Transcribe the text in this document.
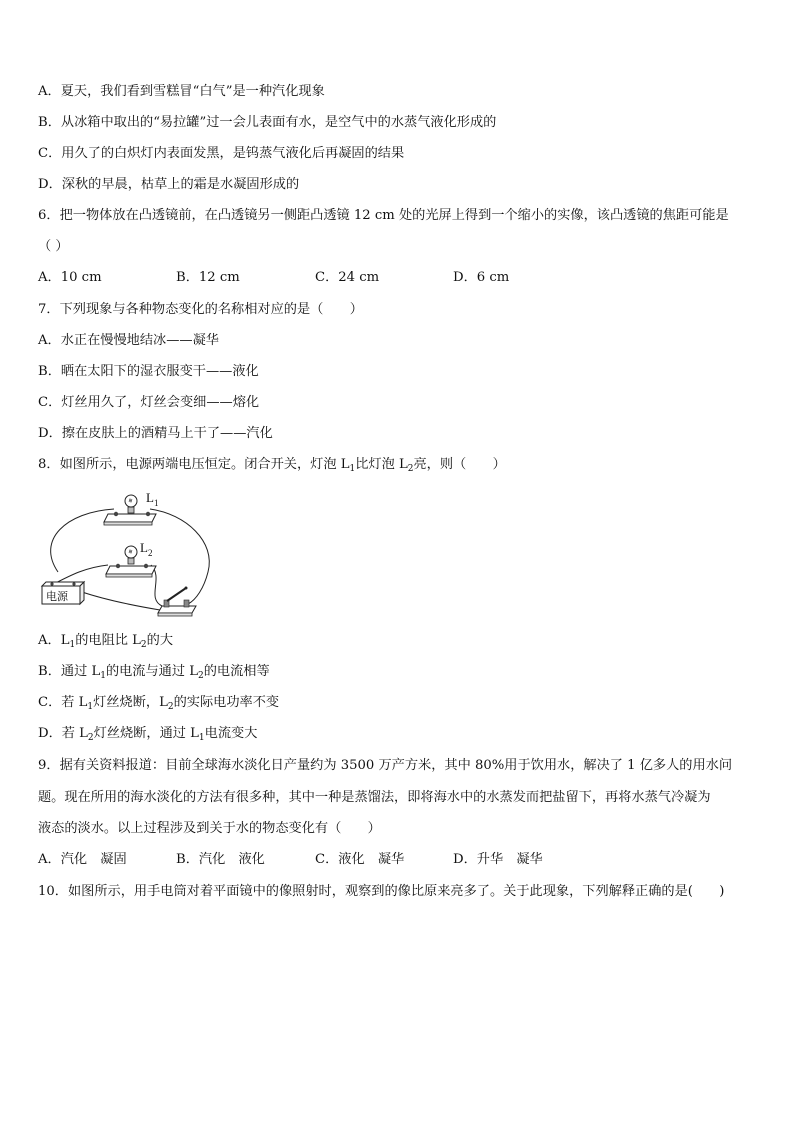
A．夏天，我们看到雪糕冒“白气”是一种汽化现象
B．从冰箱中取出的“易拉罐”过一会儿表面有水，是空气中的水蒸气液化形成的
C．用久了的白炽灯内表面发黑，是钨蒸气液化后再凝固的结果
D．深秋的早晨，枯草上的霜是水凝固形成的
6．把一物体放在凸透镜前，在凸透镜另一侧距凸透镜 12 cm 处的光屏上得到一个缩小的实像，该凸透镜的焦距可能是
（ ）
A．10 cm	B．12 cm	C．24 cm	D．6 cm
7．下列现象与各种物态变化的名称相对应的是（　　）
A．水正在慢慢地结冰——凝华
B．晒在太阳下的湿衣服变干——液化
C．灯丝用久了，灯丝会变细——熔化
D．擦在皮肤上的酒精马上干了——汽化
8．如图所示，电源两端电压恒定。闭合开关，灯泡 $L_1$比灯泡 $L_2$亮，则（　　）
$L_1$
$L_2$
电源
A．$L_1$的电阻比 $L_2$的大
B．通过 $L_1$的电流与通过 $L_2$的电流相等
C．若 $L_1$灯丝烧断，$L_2$的实际电功率不变
D．若 $L_2$灯丝烧断，通过 $L_1$电流变大
9．据有关资料报道：目前全球海水淡化日产量约为 3500 万产方米，其中 80%用于饮用水，解决了 1 亿多人的用水问
题。现在所用的海水淡化的方法有很多种，其中一种是蒸馏法，即将海水中的水蒸发而把盐留下，再将水蒸气冷凝为
液态的淡水。以上过程涉及到关于水的物态变化有（　　）
A．汽化　凝固	B．汽化　液化	C．液化　凝华	D．升华　凝华
10．如图所示，用手电筒对着平面镜中的像照射时，观察到的像比原来亮多了。关于此现象，下列解释正确的是(　　)
